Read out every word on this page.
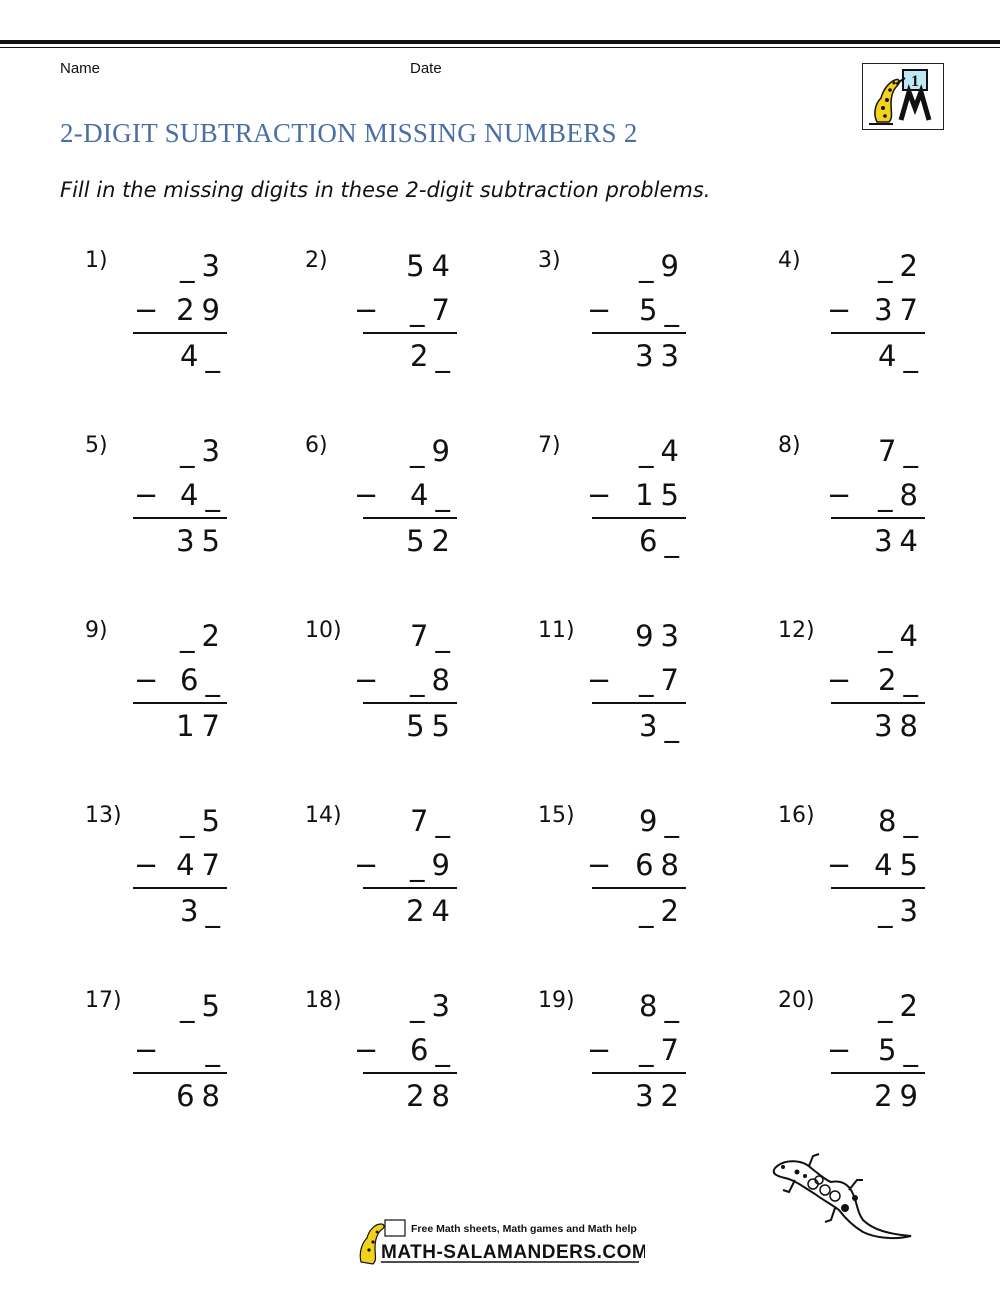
Name	Date
1
2-DIGIT SUBTRACTION MISSING NUMBERS 2
Fill in the missing digits in these 2-digit subtraction problems.
1) _3
− 29
4_
2)	54
− _7
2_
3)	_9
− 5_
33
4)	_2
− 37
4_
5) _3
− 4_
35
6)	_9
− 4_
52
7)	_4
− 15
6_
8)	7_
− _8
34
9) _2
− 6_
17
10) 7_
− _8
55
11) 93
− _7
3_
12) _4
− 2_
38
13) _5
− 47
3_
14) 7_
− _9
24
15) 9_
− 68
_2
16) 8_
− 45
_3
17) _5
− _
68
18) _3
− 6_
28
19) 8_
− _7
32
20) _2
− 5_
29
Free Math sheets, Math games and Math help
MATH-SALAMANDERS.COM
